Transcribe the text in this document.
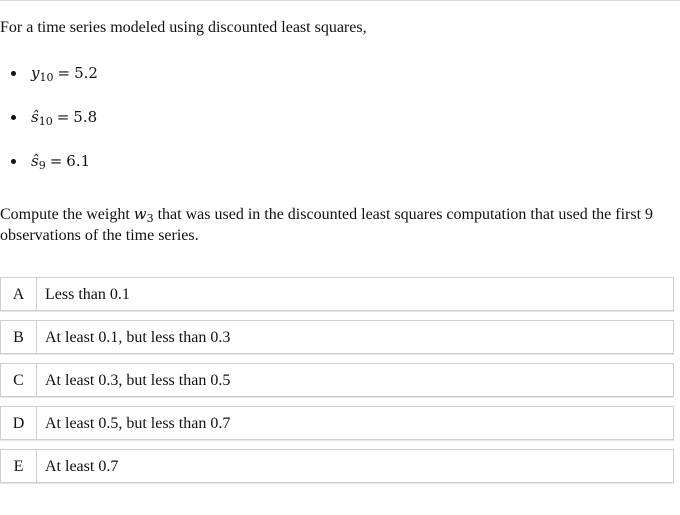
For a time series modeled using discounted least squares,
y10 = 5.2
ŝ10 = 5.8
ŝ9 = 6.1
Compute the weight w3 that was used in the discounted least squares computation that used the first 9 observations of the time series.
A	Less than 0.1
B	At least 0.1, but less than 0.3
C	At least 0.3, but less than 0.5
D	At least 0.5, but less than 0.7
E	At least 0.7
